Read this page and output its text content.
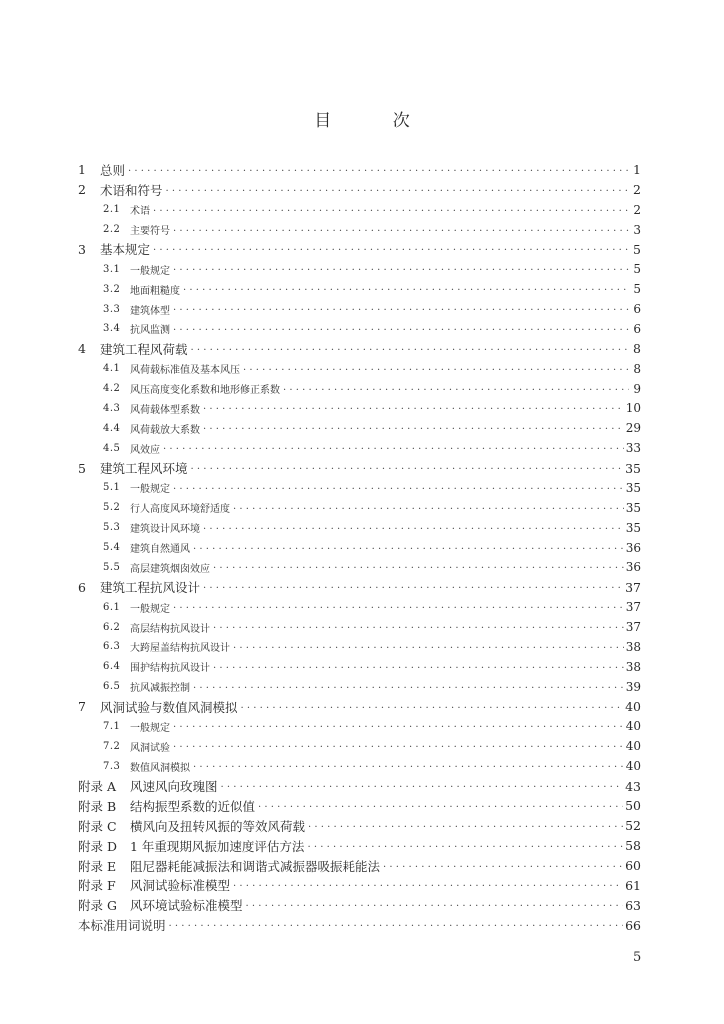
目 次
1	总则 .....	1
2	术语和符号 .....	2
2.1 术语 .....	2
2.2 主要符号 .....	3
3	基本规定 .....	5
3.1 一般规定 .....	5
3.2 地面粗糙度 .....	5
3.3 建筑体型 .....	6
3.4 抗风监测 .....	6
4	建筑工程风荷载 .....	8
4.1 风荷载标准值及基本风压 .....	8
4.2 风压高度变化系数和地形修正系数 .....	9
4.3 风荷载体型系数 .....	10
4.4 风荷载放大系数 .....	29
4.5 风效应 .....	33
5	建筑工程风环境 .....	35
5.1 一般规定 .....	35
5.2 行人高度风环境舒适度 .....	35
5.3 建筑设计风环境 .....	35
5.4 建筑自然通风 .....	36
5.5 高层建筑烟囱效应 .....	36
6	建筑工程抗风设计 .....	37
6.1 一般规定 .....	37
6.2 高层结构抗风设计 .....	37
6.3 大跨屋盖结构抗风设计 .....	38
6.4 围护结构抗风设计 .....	38
6.5 抗风减振控制 .....	39
7	风洞试验与数值风洞模拟 .....	40
7.1 一般规定 .....	40
7.2 风洞试验 .....	40
7.3 数值风洞模拟 .....	40
附录 A	风速风向玫瑰图 .....	43
附录 B	结构振型系数的近似值 .....	50
附录 C	横风向及扭转风振的等效风荷载 .....	52
附录 D	1 年重现期风振加速度评估方法 .....	58
附录 E	阻尼器耗能减振法和调谐式减振器吸振耗能法 .....	60
附录 F	风洞试验标准模型 .....	61
附录 G	风环境试验标准模型 .....	63
本标准用词说明 .....	66
5
